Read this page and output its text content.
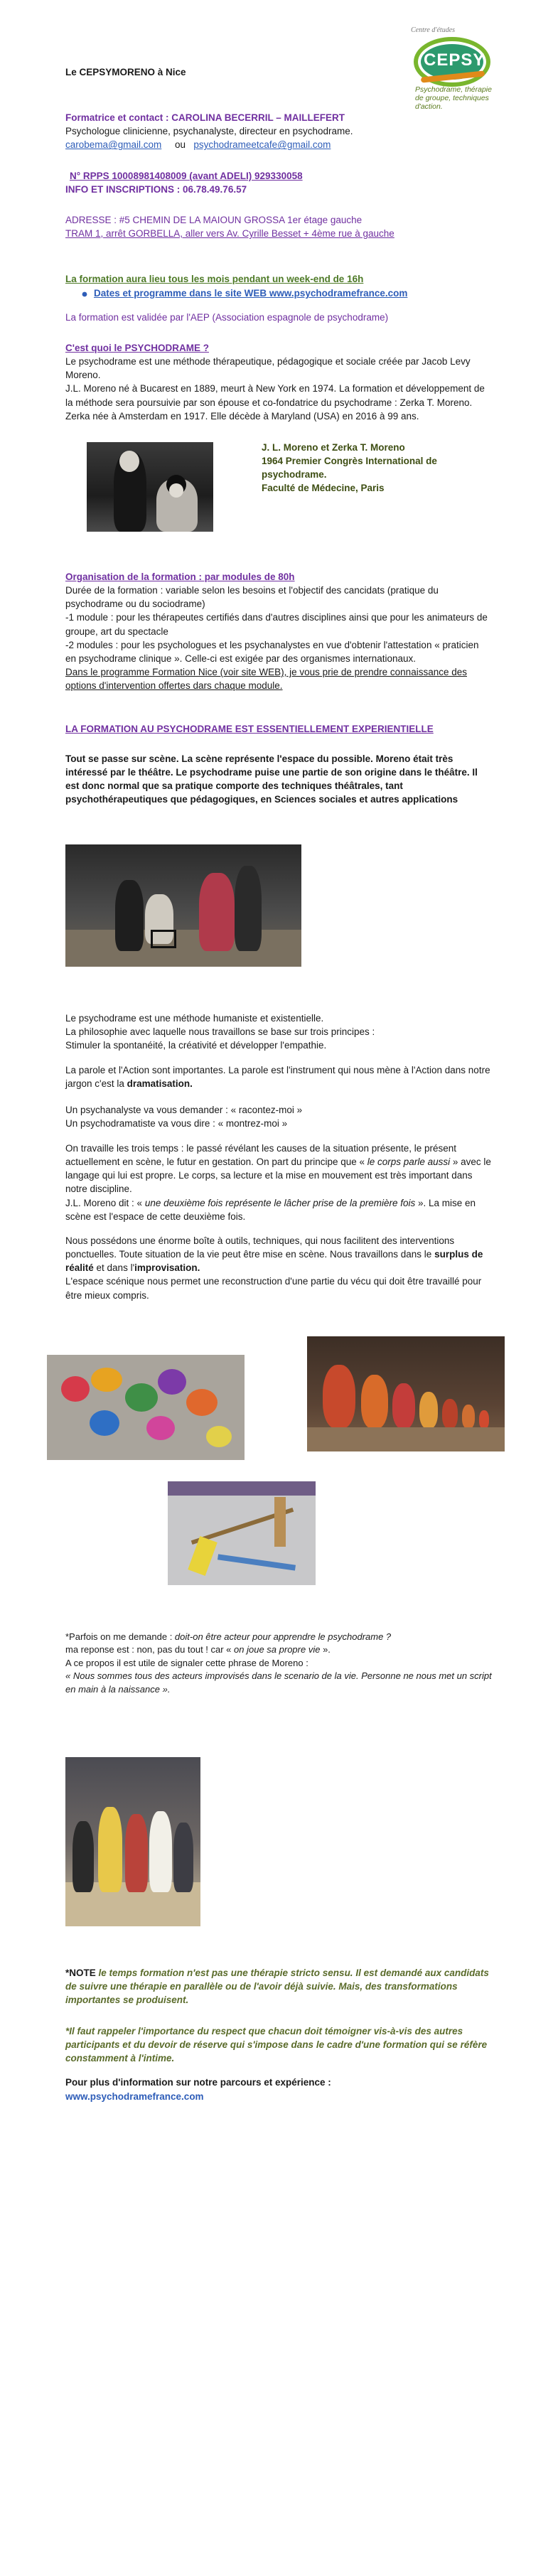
Le CEPSYMORENO à Nice

Centre d'études
CEPSY
Psychodrame, thérapie de groupe, techniques d'action.

Formatrice et contact : CAROLINA BECERRIL – MAILLEFERT

Psychologue clinicienne, psychanalyste, directeur en psychodrame.

carobema@gmail.com ou psychodrameetcafe@gmail.com

N° RPPS 10008981408009 (avant ADELI) 929330058

INFO ET INSCRIPTIONS : 06.78.49.76.57

ADRESSE : #5 CHEMIN DE LA MAIOUN GROSSA 1er étage gauche

TRAM 1, arrêt GORBELLA, aller vers Av. Cyrille Besset + 4ème rue à gauche

La formation aura lieu tous les mois pendant un week-end de 16h

Dates et programme dans le site WEB www.psychodramefrance.com

La formation est validée par l'AEP (Association espagnole de psychodrame)

C'est quoi le PSYCHODRAME ?

Le psychodrame est une méthode thérapeutique, pédagogique et sociale créée par Jacob Levy Moreno.

J.L. Moreno né à Bucarest en 1889, meurt à New York en 1974. La formation et développement de la méthode sera poursuivie par son épouse et co-fondatrice du psychodrame : Zerka T. Moreno. Zerka née à Amsterdam en 1917. Elle décède à Maryland (USA) en 2016 à 99 ans.

J. L. Moreno et Zerka T. Moreno

1964 Premier Congrès International de psychodrame.

Faculté de Médecine, Paris

Organisation de la formation : par modules de 80h

Durée de la formation : variable selon les besoins et l'objectif des cancidats (pratique du psychodrame ou du sociodrame)

-1 module : pour les thérapeutes certifiés dans d'autres disciplines ainsi que pour les animateurs de groupe, art du spectacle

-2 modules : pour les psychologues et les psychanalystes en vue d'obtenir l'attestation « praticien en psychodrame clinique ». Celle-ci est exigée par des organismes internationaux.

Dans le programme Formation Nice (voir site WEB), je vous prie de prendre connaissance des options d'intervention offertes dars chaque module.

LA FORMATION AU PSYCHODRAME EST ESSENTIELLEMENT EXPERIENTIELLE

Tout se passe sur scène. La scène représente l'espace du possible. Moreno était très intéressé par le théâtre. Le psychodrame puise une partie de son origine dans le théâtre. Il est donc normal que sa pratique comporte des techniques théâtrales, tant psychothérapeutiques que pédagogiques, en Sciences sociales et autres applications

Le psychodrame est une méthode humaniste et existentielle.

La philosophie avec laquelle nous travaillons se base sur trois principes :

Stimuler la spontanéité, la créativité et développer l'empathie.

La parole et l'Action sont importantes. La parole est l'instrument qui nous mène à l'Action dans notre jargon c'est la dramatisation.

Un psychanalyste va vous demander : « racontez-moi »

Un psychodramatiste va vous dire : « montrez-moi »

On travaille les trois temps : le passé révélant les causes de la situation présente, le présent actuellement en scène, le futur en gestation. On part du principe que « le corps parle aussi » avec le langage qui lui est propre. Le corps, sa lecture et la mise en mouvement est très important dans notre discipline.
J.L. Moreno dit : « une deuxième fois représente le lâcher prise de la première fois ». La mise en scène est l'espace de cette deuxième fois.

Nous possédons une énorme boîte à outils, techniques, qui nous facilitent des interventions ponctuelles. Toute situation de la vie peut être mise en scène. Nous travaillons dans le surplus de réalité et dans l'improvisation.
L'espace scénique nous permet une reconstruction d'une partie du vécu qui doit être travaillé pour être mieux compris.

*Parfois on me demande : doit-on être acteur pour apprendre le psychodrame ?

ma reponse est : non, pas du tout ! car « on joue sa propre vie ».

A ce propos il est utile de signaler cette phrase de Moreno :

« Nous sommes tous des acteurs improvisés dans le scenario de la vie. Personne ne nous met un script en main à la naissance ».

*NOTE le temps formation n'est pas une thérapie stricto sensu. Il est demandé aux candidats de suivre une thérapie en parallèle ou de l'avoir déjà suivie. Mais, des transformations importantes se produisent.

*Il faut rappeler l'importance du respect que chacun doit témoigner vis-à-vis des autres participants et du devoir de réserve qui s'impose dans le cadre d'une formation qui se réfère constamment à l'intime.

Pour plus d'information sur notre parcours et expérience :

www.psychodramefrance.com
